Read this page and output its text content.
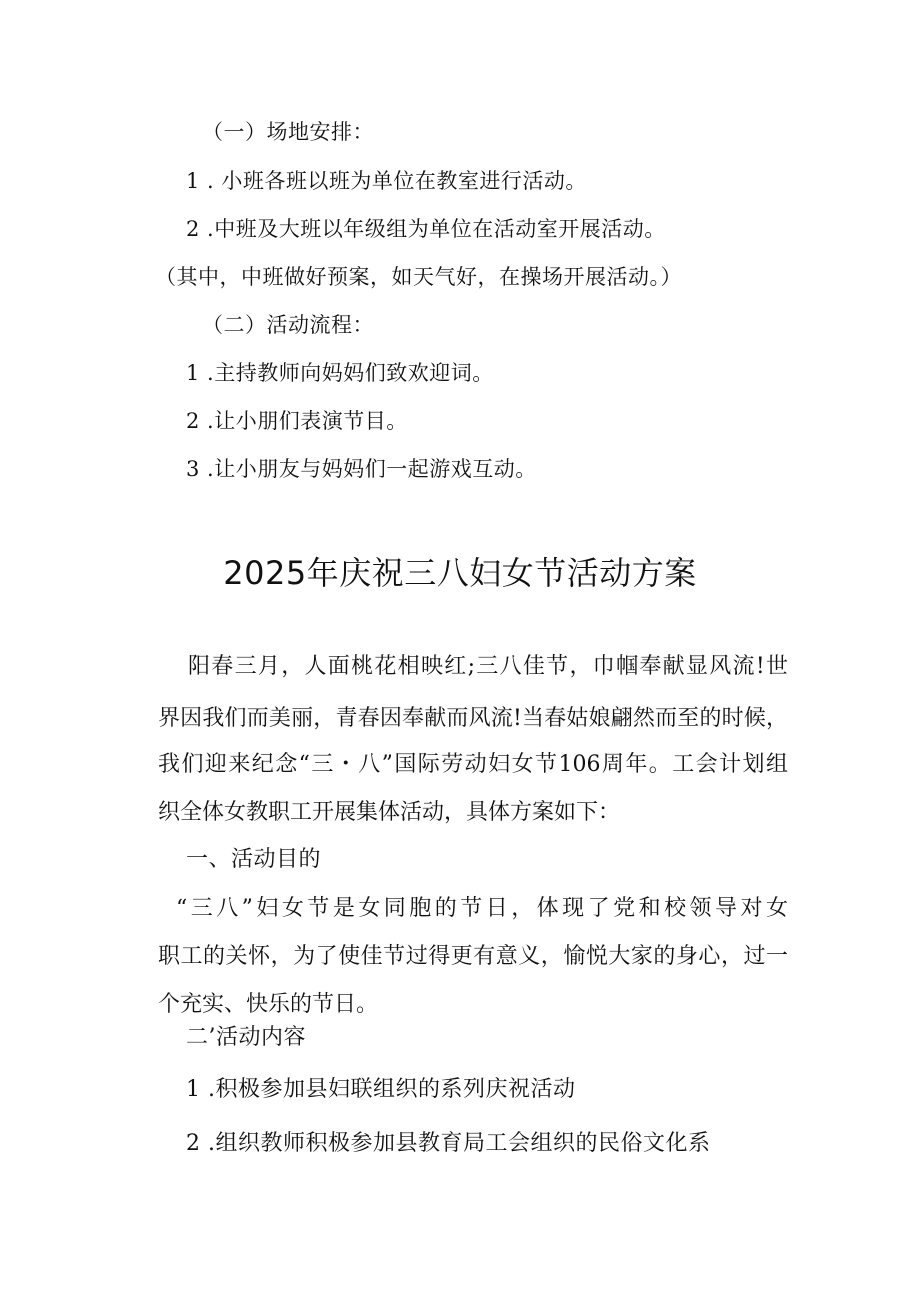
（一）场地安排：
1 . 小班各班以班为单位在教室进行活动。
2 .中班及大班以年级组为单位在活动室开展活动。
（其中，中班做好预案，如天气好，在操场开展活动。）
（二）活动流程：
1 .主持教师向妈妈们致欢迎词。
2 .让小朋们表演节目。
3 .让小朋友与妈妈们一起游戏互动。
2025年庆祝三八妇女节活动方案
阳春三月，人面桃花相映红;三八佳节，巾帼奉献显风流!世
界因我们而美丽，青春因奉献而风流!当春姑娘翩然而至的时候，
我们迎来纪念“三・八”国际劳动妇女节106周年。工会计划组
织全体女教职工开展集体活动，具体方案如下：
一、活动目的
“三八”妇女节是女同胞的节日，体现了党和校领导对女
职工的关怀，为了使佳节过得更有意义，愉悦大家的身心，过一
个充实、快乐的节日。
二’活动内容
1 .积极参加县妇联组织的系列庆祝活动
2 .组织教师积极参加县教育局工会组织的民俗文化系
